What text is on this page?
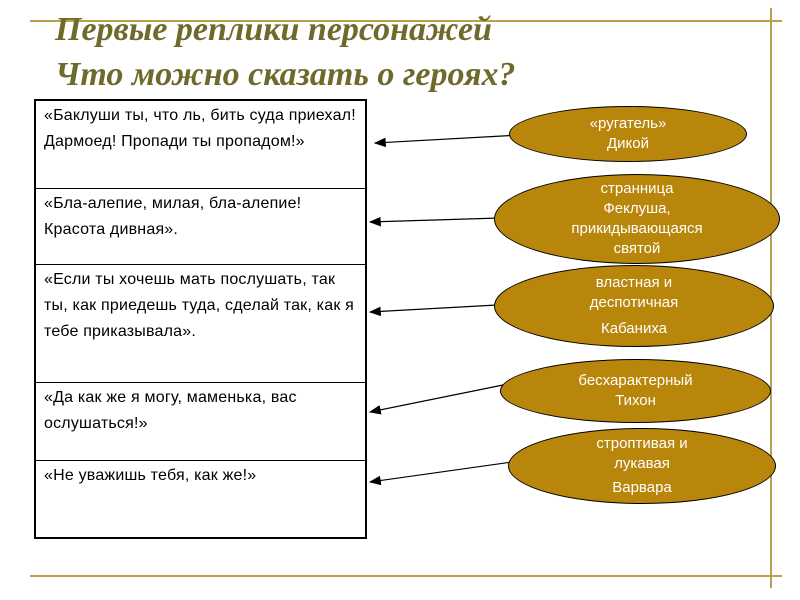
Первые реплики персонажей
Что можно сказать о героях?
«Баклуши ты, что ль, бить суда приехал! Дармоед! Пропади ты пропадом!»
«Бла-алепие, милая, бла-алепие! Красота дивная».
«Если ты хочешь мать послушать, так ты, как приедешь туда, сделай так, как я тебе приказывала».
«Да как же я могу, маменька, вас ослушаться!»
«Не уважишь тебя, как же!»
«ругатель»
Дикой
странница
Феклуша,
прикидывающаяся
святой
властная и
деспотичная
Кабаниха
бесхарактерный
Тихон
строптивая и
лукавая
Варвара
